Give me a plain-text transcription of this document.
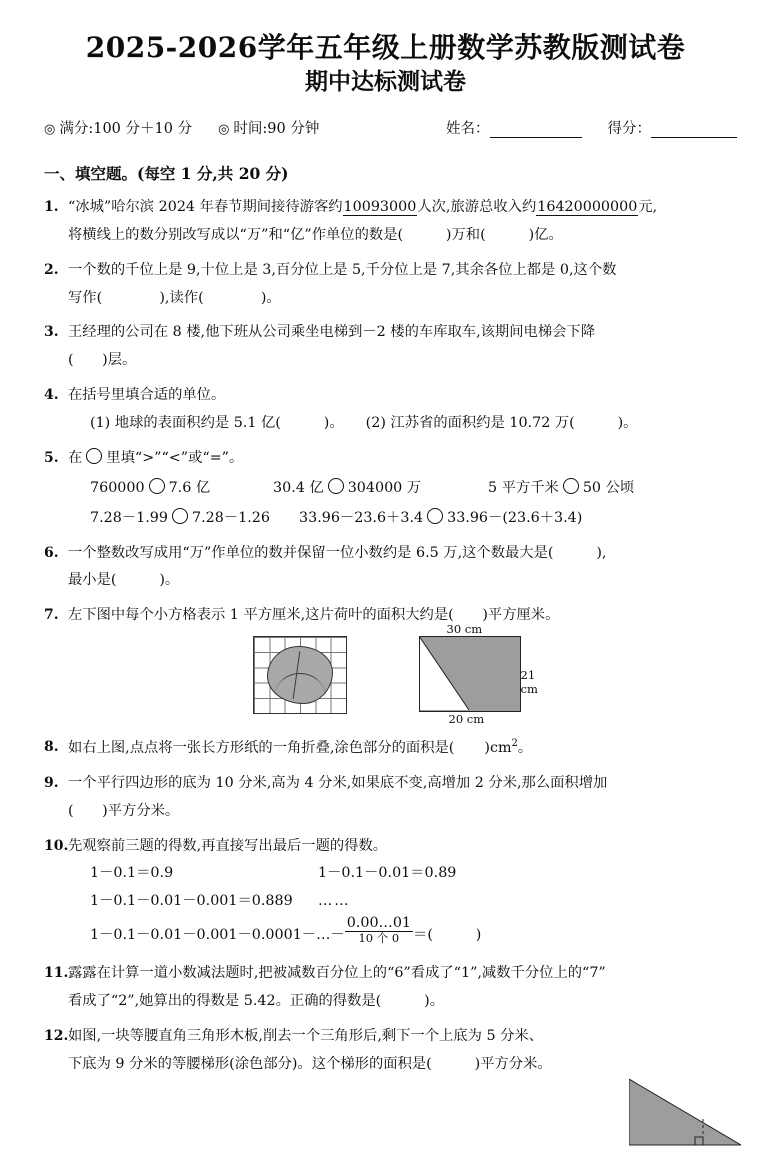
2025-2026学年五年级上册数学苏教版测试卷
期中达标测试卷
◎ 满分:100 分＋10 分 ◎ 时间:90 分钟	姓名：	得分：
一、填空题。(每空 1 分,共 20 分)
1. “冰城”哈尔滨 2024 年春节期间接待游客约10093000人次,旅游总收入约16420000000元,
将横线上的数分别改写成以“万”和“亿”作单位的数是(　　　)万和(　　　)亿。
2. 一个数的千位上是 9,十位上是 3,百分位上是 5,千分位上是 7,其余各位上都是 0,这个数
写作(　　　　),读作(　　　　)。
3. 王经理的公司在 8 楼,他下班从公司乘坐电梯到－2 楼的车库取车,该期间电梯会下降
(　　)层。
4. 在括号里填合适的单位。
(1) 地球的表面积约是 5.1 亿(　　　)。 (2) 江苏省的面积约是 10.72 万(　　　)。
5. 在 里填“>”“<”或“=”。
760000 7.6 亿	30.4 亿 304000 万	5 平方千米 50 公顷
7.28－1.99 7.28－1.26	33.96－23.6＋3.4 33.96－(23.6＋3.4)
6. 一个整数改写成用“万”作单位的数并保留一位小数约是 6.5 万,这个数最大是(　　　),
最小是(　　　)。
7. 左下图中每个小方格表示 1 平方厘米,这片荷叶的面积大约是(　　)平方厘米。
30 cm
21 cm
20 cm
8. 如右上图,点点将一张长方形纸的一角折叠,涂色部分的面积是( )$cm^2$。
9. 一个平行四边形的底为 10 分米,高为 4 分米,如果底不变,高增加 2 分米,那么面积增加
(　　)平方分米。
10. 先观察前三题的得数,再直接写出最后一题的得数。
1－0.1＝0.9	1－0.1－0.01＝0.89
1－0.1－0.01－0.001＝0.889	……
1－0.1－0.01－0.001－0.0001－…－
0.00…01
10 个 0 ＝(　　　)
11. 露露在计算一道小数减法题时,把被减数百分位上的“6”看成了“1”,减数千分位上的“7”
看成了“2”,她算出的得数是 5.42。正确的得数是(　　　)。
12. 如图,一块等腰直角三角形木板,削去一个三角形后,剩下一个上底为 5 分米、
下底为 9 分米的等腰梯形(涂色部分)。这个梯形的面积是(　　　)平方分米。
